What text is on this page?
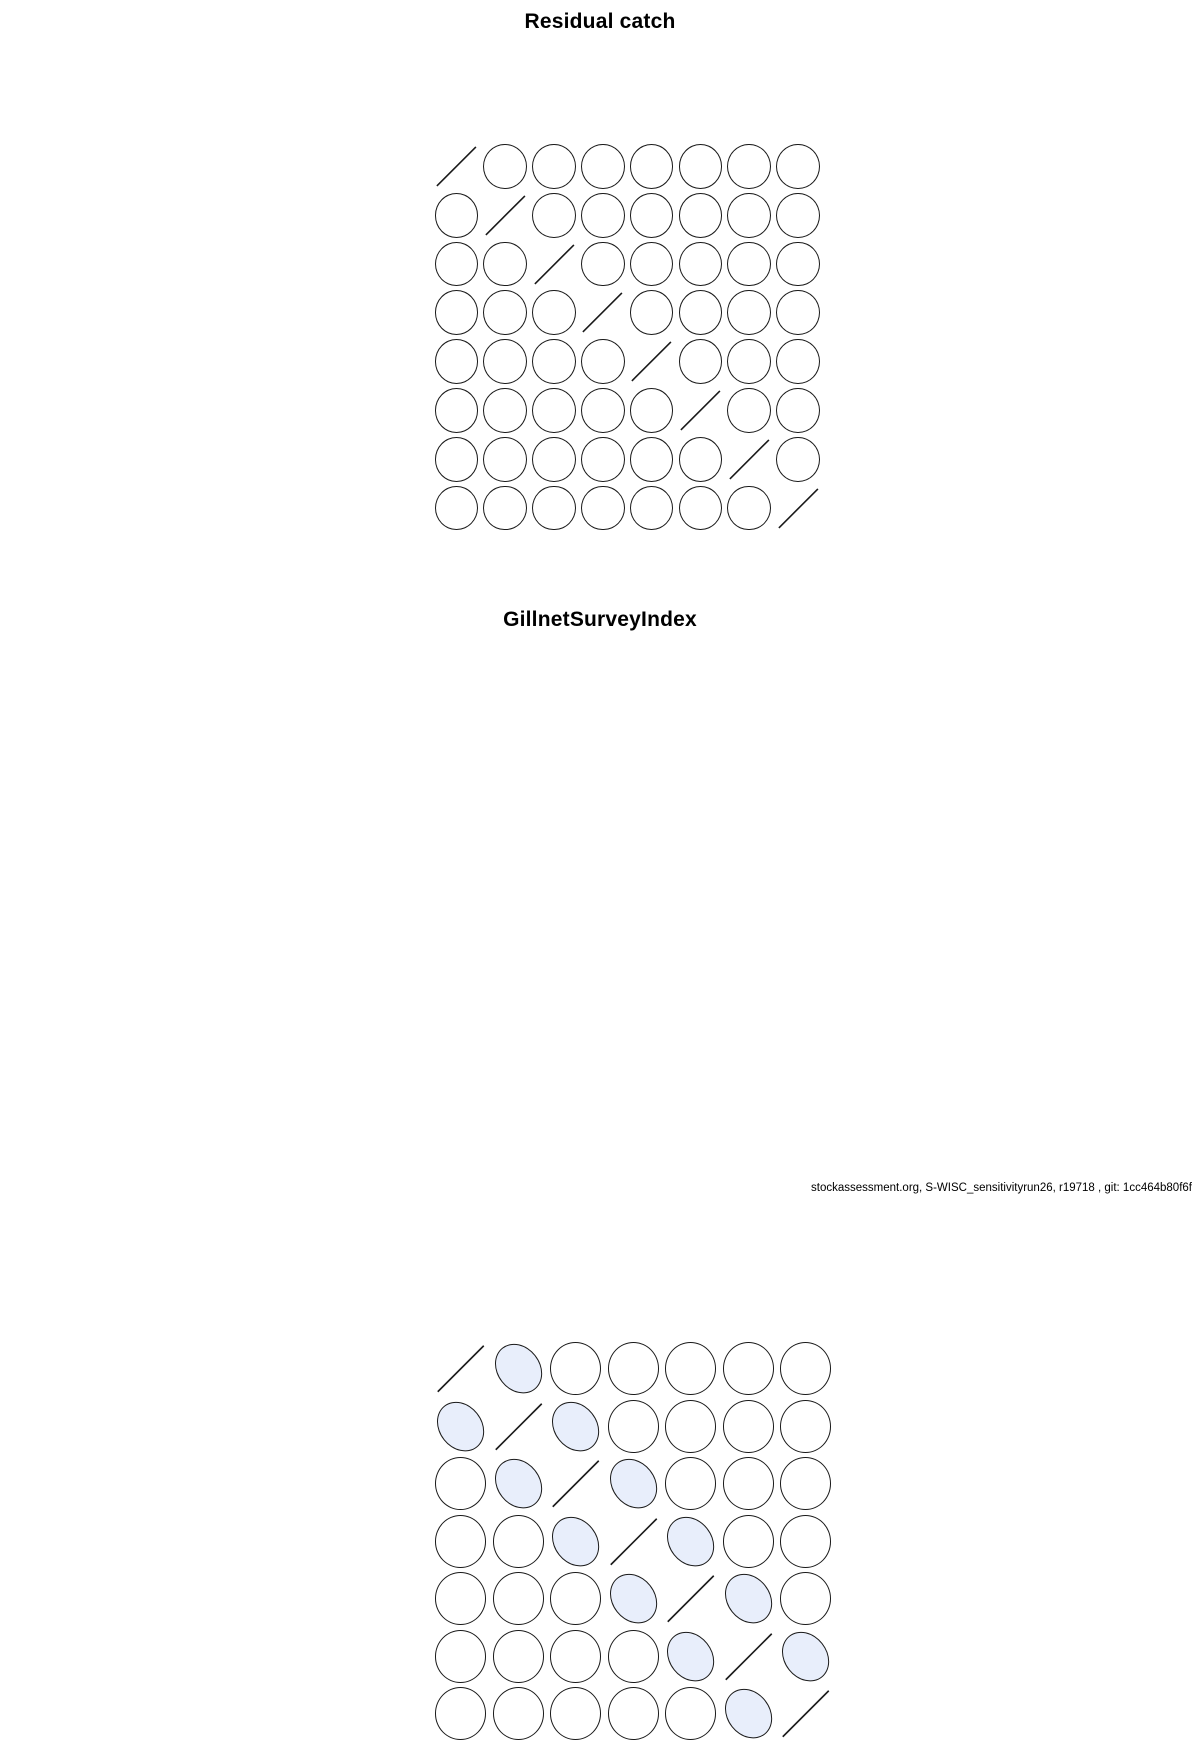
Residual catch
GillnetSurveyIndex
stockassessment.org, S-WISC_sensitivityrun26, r19718 , git: 1cc464b80f6f
